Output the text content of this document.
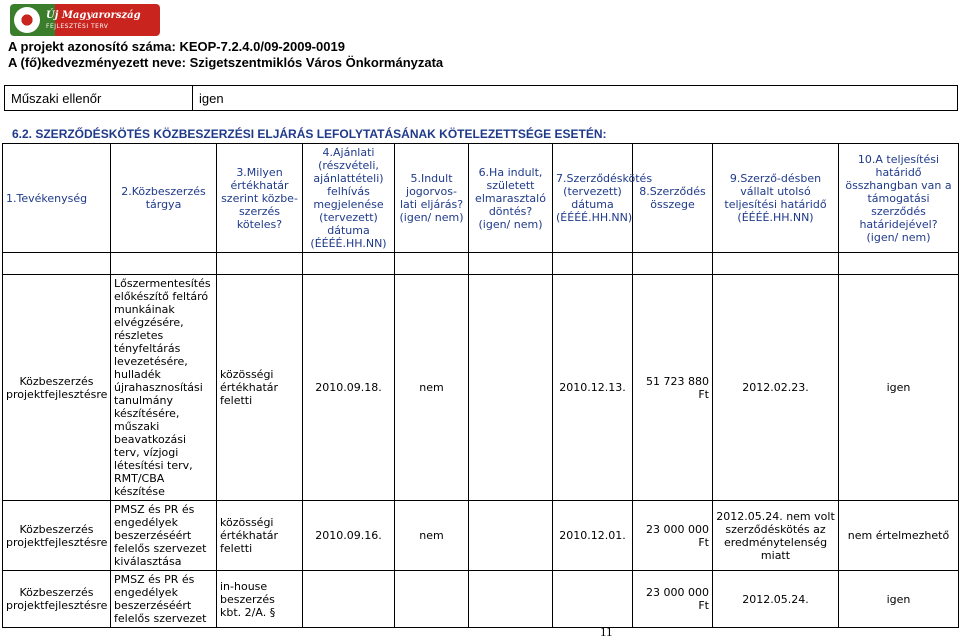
Új Magyarország
FEJLESZTÉSI TERV
A projekt azonosító száma: KEOP-7.2.4.0/09-2009-0019
A (fő)kedvezményezett neve: Szigetszentmiklós Város Önkormányzata
Műszaki ellenőr	igen
6.2. SZERZŐDÉSKÖTÉS KÖZBESZERZÉSI ELJÁRÁS LEFOLYTATÁSÁNAK KÖTELEZETTSÉGE ESETÉN:
1.Tevékenység	2.Közbeszerzés tárgya	3.Milyen értékhatár szerint közbe-szerzés köteles?	4.Ajánlati (részvételi, ajánlattételi) felhívás megjelenése (tervezett) dátuma (ÉÉÉÉ.HH.NN)	5.Indult jogorvos-lati eljárás? (igen/ nem)	6.Ha indult, született elmarasztaló döntés? (igen/ nem)	7.Szerződéskötés (tervezett) dátuma (ÉÉÉÉ.HH.NN)	8.Szerződés összege	9.Szerző-désben vállalt utolsó teljesítési határidő (ÉÉÉÉ.HH.NN)	10.A teljesítési határidő összhangban van a támogatási szerződés határidejével? (igen/ nem)

Közbeszerzés projektfejlesztésre	Lőszermentesítés előkészítő feltáró munkáinak elvégzésére, részletes tényfeltárás levezetésére, hulladék újrahasznosítási tanulmány készítésére, műszaki beavatkozási terv, vízjogi létesítési terv, RMT/CBA készítése	közösségi értékhatár feletti	2010.09.18.	nem		2010.12.13.	51 723 880 Ft	2012.02.23.	igen
Közbeszerzés projektfejlesztésre	PMSZ és PR és engedélyek beszerzéséért felelős szervezet kiválasztása	közösségi értékhatár feletti	2010.09.16.	nem		2010.12.01.	23 000 000 Ft	2012.05.24. nem volt szerződéskötés az eredménytelenség miatt	nem értelmezhető
Közbeszerzés projektfejlesztésre	PMSZ és PR és engedélyek beszerzéséért felelős szervezet	in-house beszerzés kbt. 2/A. §					23 000 000 Ft	2012.05.24.	igen
11
